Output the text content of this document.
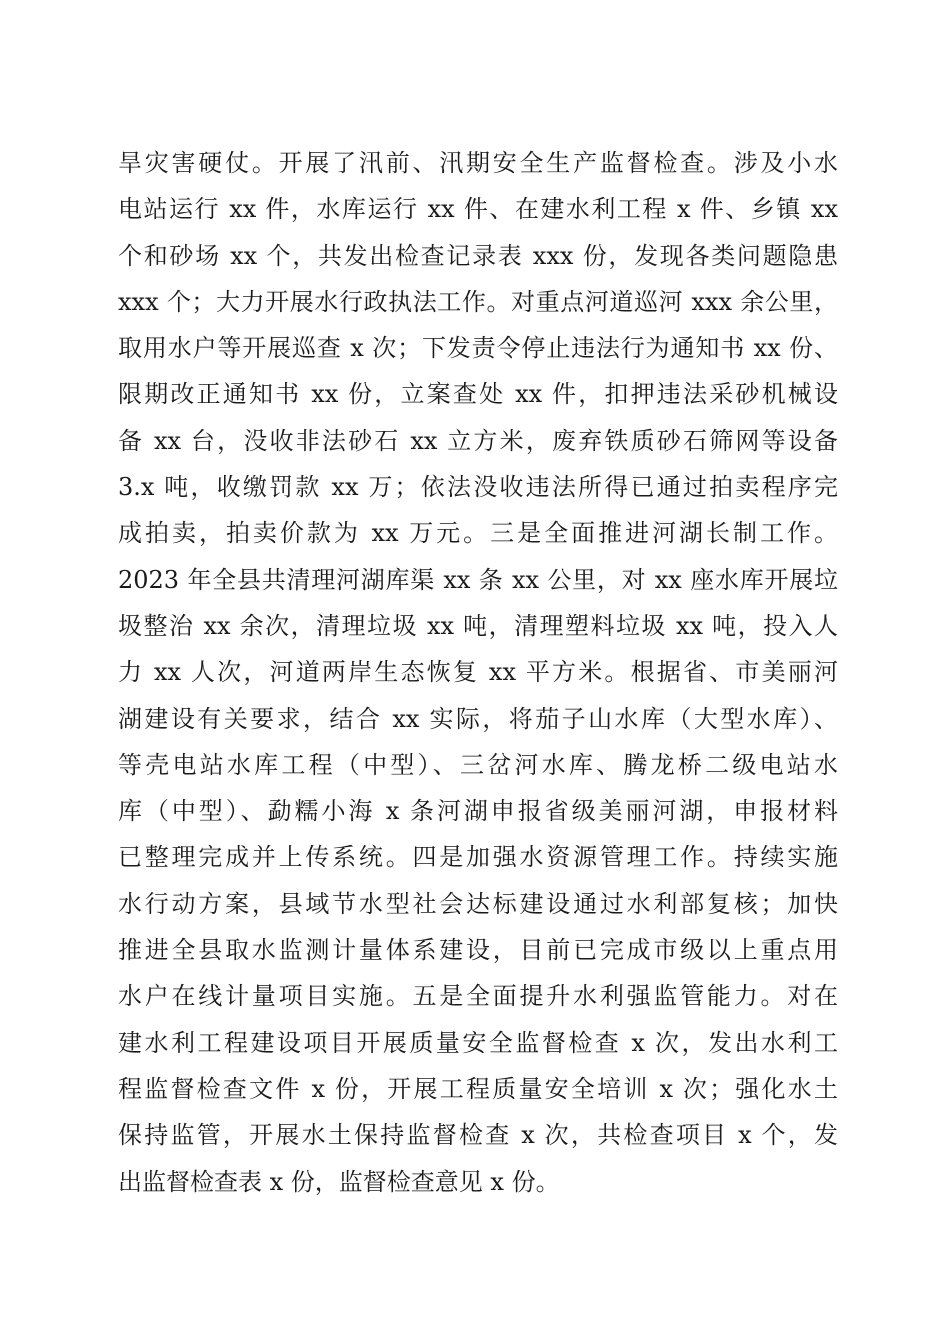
旱灾害硬仗。开展了汛前、汛期安全生产监督检查。涉及小水
电站运行 xx 件，水库运行 xx 件、在建水利工程 x 件、乡镇 xx
个和砂场 xx 个，共发出检查记录表 xxx 份，发现各类问题隐患
xxx 个；大力开展水行政执法工作。对重点河道巡河 xxx 余公里，
取用水户等开展巡查 x 次；下发责令停止违法行为通知书 xx 份、
限期改正通知书 xx 份，立案查处 xx 件，扣押违法采砂机械设
备 xx 台，没收非法砂石 xx 立方米，废弃铁质砂石筛网等设备
3.x 吨，收缴罚款 xx 万；依法没收违法所得已通过拍卖程序完
成拍卖，拍卖价款为 xx 万元。三是全面推进河湖长制工作。
2023 年全县共清理河湖库渠 xx 条 xx 公里，对 xx 座水库开展垃
圾整治 xx 余次，清理垃圾 xx 吨，清理塑料垃圾 xx 吨，投入人
力 xx 人次，河道两岸生态恢复 xx 平方米。根据省、市美丽河
湖建设有关要求，结合 xx 实际，将茄子山水库（大型水库）、
等壳电站水库工程（中型）、三岔河水库、腾龙桥二级电站水
库（中型）、勐糯小海 x 条河湖申报省级美丽河湖，申报材料
已整理完成并上传系统。四是加强水资源管理工作。持续实施
水行动方案，县域节水型社会达标建设通过水利部复核；加快
推进全县取水监测计量体系建设，目前已完成市级以上重点用
水户在线计量项目实施。五是全面提升水利强监管能力。对在
建水利工程建设项目开展质量安全监督检查 x 次，发出水利工
程监督检查文件 x 份，开展工程质量安全培训 x 次；强化水土
保持监管，开展水土保持监督检查 x 次，共检查项目 x 个，发
出监督检查表 x 份，监督检查意见 x 份。
